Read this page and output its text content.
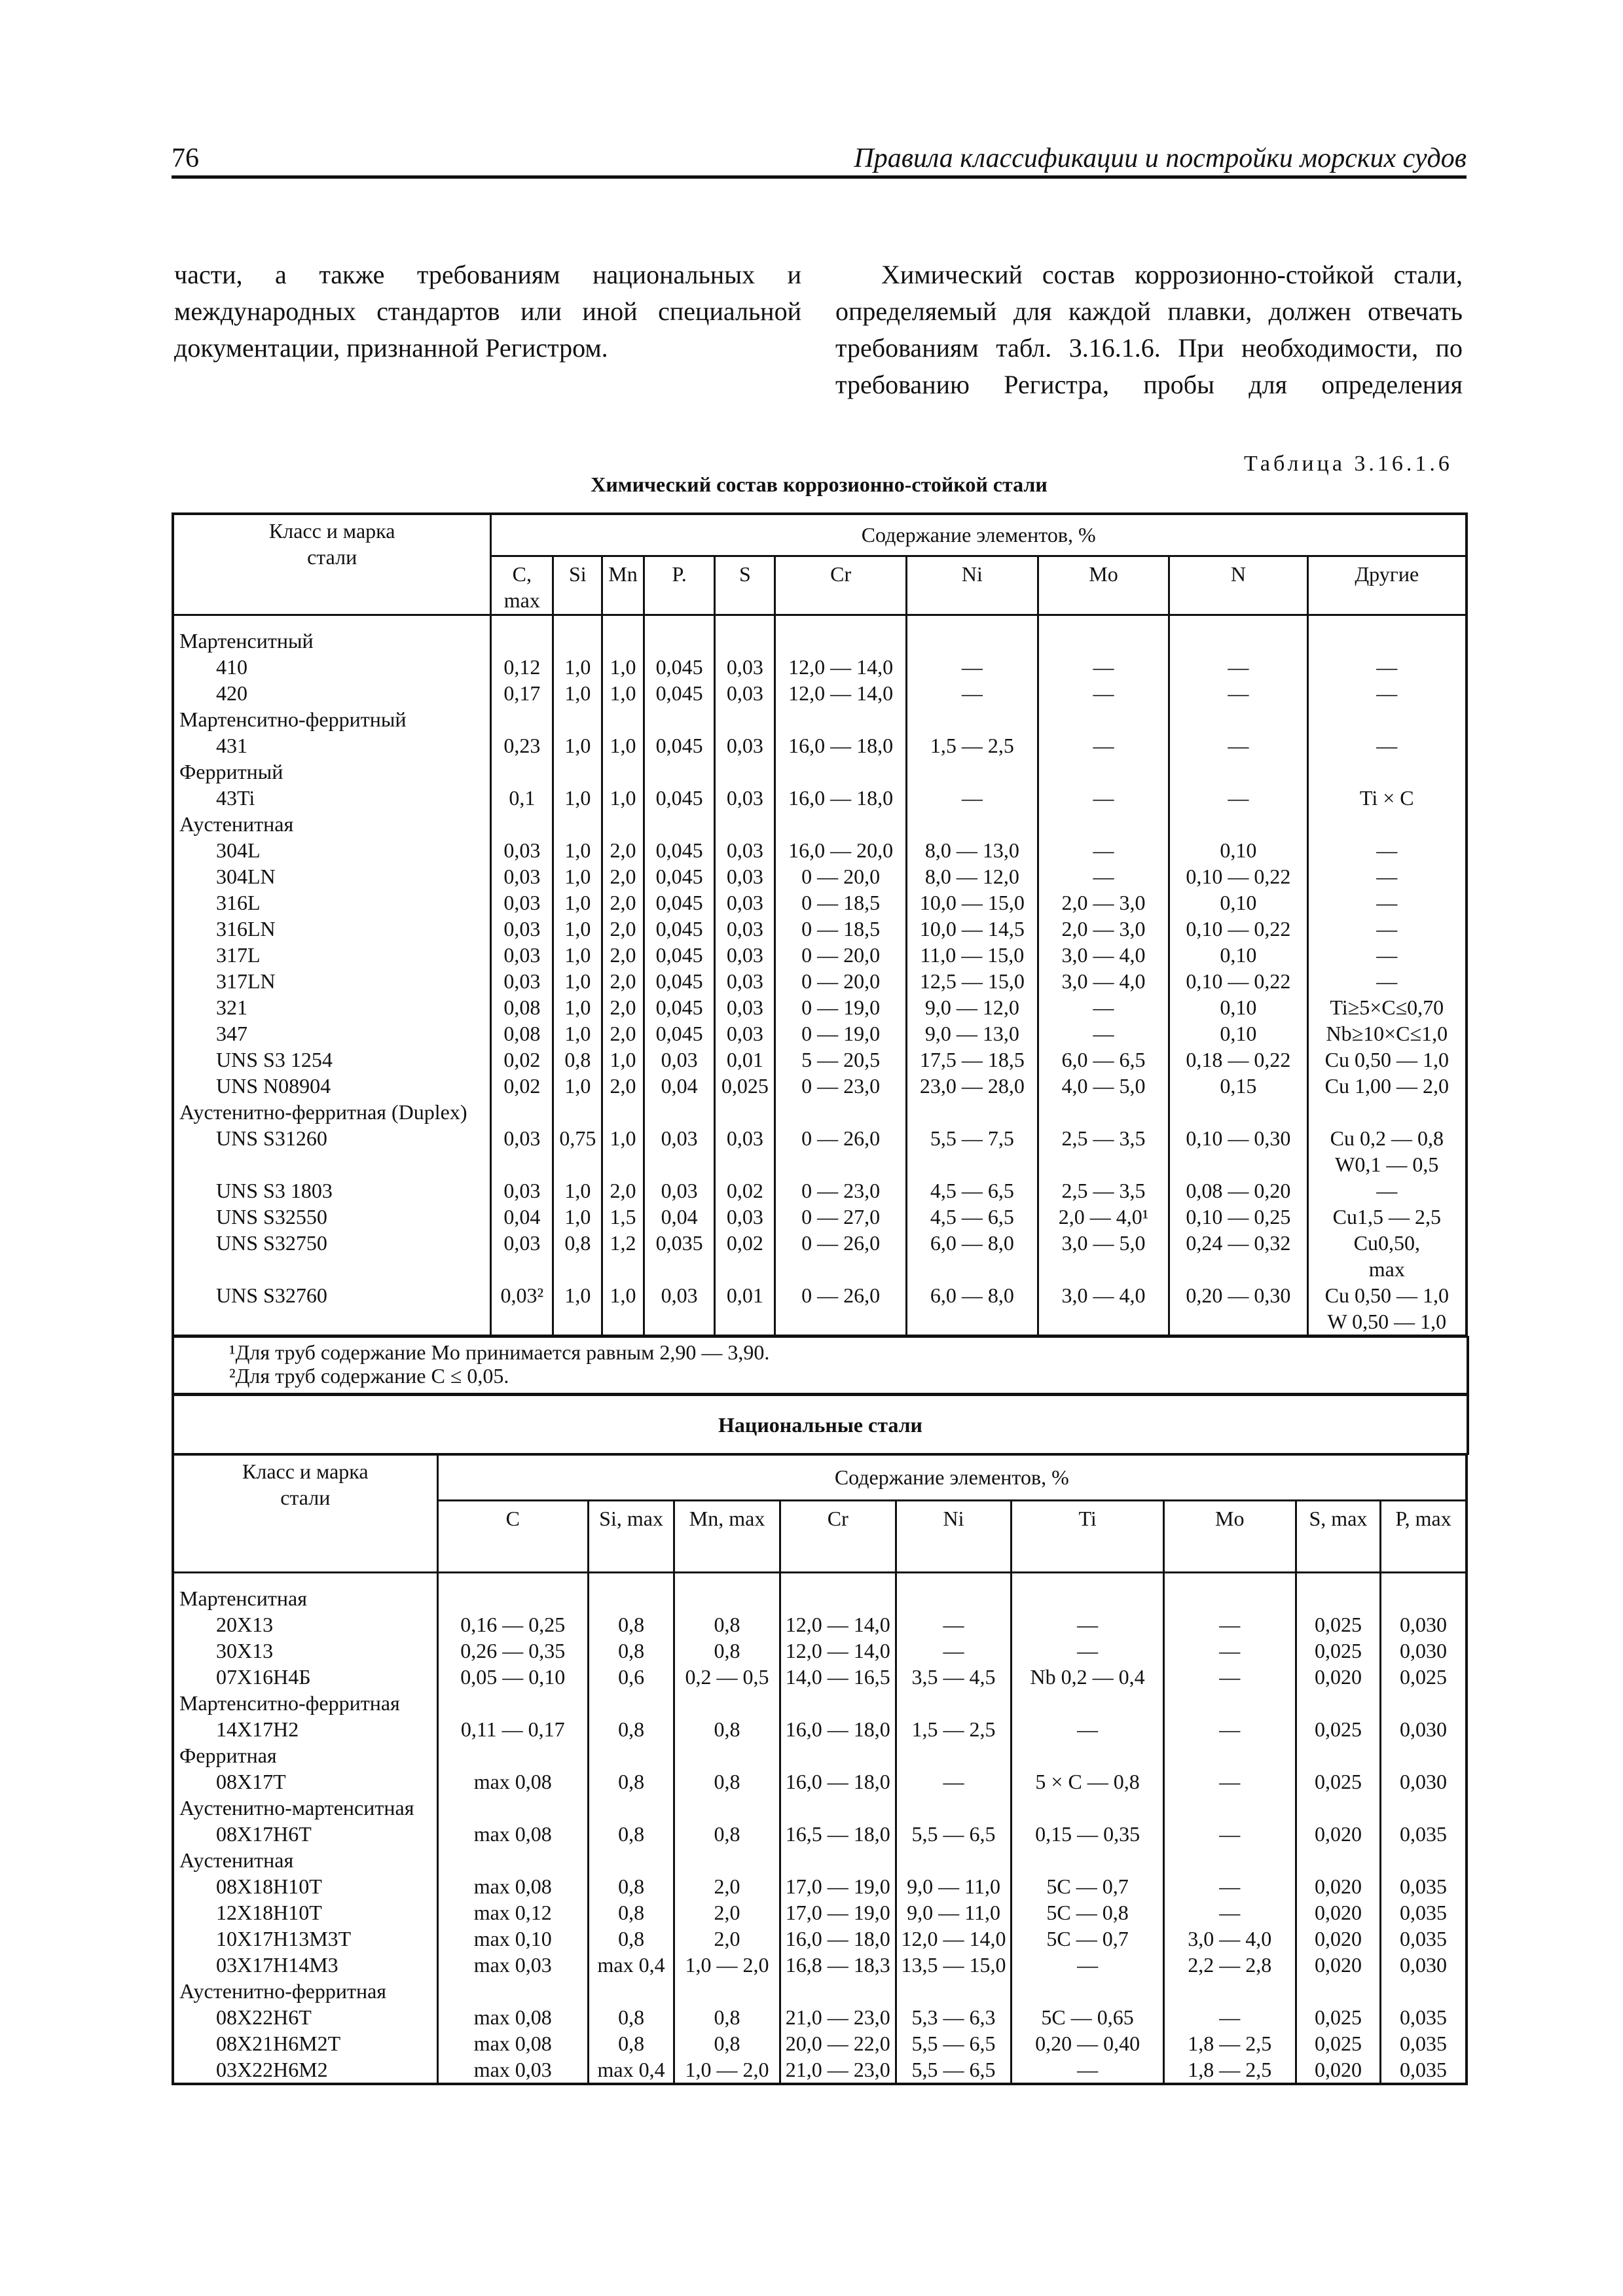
76	Правила классификации и постройки морских судов

части, а также требованиям национальных и международных стандартов или иной специальной документации, признанной Регистром.

Химический состав коррозионно-стойкой стали, определяемый для каждой плавки, должен отвечать требованиям табл. 3.16.1.6. При необходимости, по требованию Регистра, пробы для определения

Таблица 3.16.1.6
Химический состав коррозионно-стойкой стали
Класс и марка стали	Содержание элементов, %									
	C, max	Si	Mn	P.	S	Cr	Ni	Mo	N	Другие

Мартенситный										
410	0,12	1,0	1,0	0,045	0,03	12,0 — 14,0	—	—	—	—
420	0,17	1,0	1,0	0,045	0,03	12,0 — 14,0	—	—	—	—
Мартенситно-ферритный										
431	0,23	1,0	1,0	0,045	0,03	16,0 — 18,0	1,5 — 2,5	—	—	—
Ферритный										
43Ti	0,1	1,0	1,0	0,045	0,03	16,0 — 18,0	—	—	—	Ti × C
Аустенитная										
304L	0,03	1,0	2,0	0,045	0,03	16,0 — 20,0	8,0 — 13,0	—	0,10	—
304LN	0,03	1,0	2,0	0,045	0,03	0 — 20,0	8,0 — 12,0	—	0,10 — 0,22	—
316L	0,03	1,0	2,0	0,045	0,03	0 — 18,5	10,0 — 15,0	2,0 — 3,0	0,10	—
316LN	0,03	1,0	2,0	0,045	0,03	0 — 18,5	10,0 — 14,5	2,0 — 3,0	0,10 — 0,22	—
317L	0,03	1,0	2,0	0,045	0,03	0 — 20,0	11,0 — 15,0	3,0 — 4,0	0,10	—
317LN	0,03	1,0	2,0	0,045	0,03	0 — 20,0	12,5 — 15,0	3,0 — 4,0	0,10 — 0,22	—
321	0,08	1,0	2,0	0,045	0,03	0 — 19,0	9,0 — 12,0	—	0,10	Ti≥5×C≤0,70
347	0,08	1,0	2,0	0,045	0,03	0 — 19,0	9,0 — 13,0	—	0,10	Nb≥10×C≤1,0
UNS S3 1254	0,02	0,8	1,0	0,03	0,01	5 — 20,5	17,5 — 18,5	6,0 — 6,5	0,18 — 0,22	Cu 0,50 — 1,0
UNS N08904	0,02	1,0	2,0	0,04	0,025	0 — 23,0	23,0 — 28,0	4,0 — 5,0	0,15	Cu 1,00 — 2,0
Аустенитно-ферритная (Duplex)										
UNS S31260	0,03	0,75	1,0	0,03	0,03	0 — 26,0	5,5 — 7,5	2,5 — 3,5	0,10 — 0,30	Cu 0,2 — 0,8
W0,1 — 0,5
UNS S3 1803	0,03	1,0	2,0	0,03	0,02	0 — 23,0	4,5 — 6,5	2,5 — 3,5	0,08 — 0,20	—
UNS S32550	0,04	1,0	1,5	0,04	0,03	0 — 27,0	4,5 — 6,5	2,0 — 4,0¹	0,10 — 0,25	Cu1,5 — 2,5
UNS S32750	0,03	0,8	1,2	0,035	0,02	0 — 26,0	6,0 — 8,0	3,0 — 5,0	0,24 — 0,32	Cu0,50,
max
UNS S32760	0,03²	1,0	1,0	0,03	0,01	0 — 26,0	6,0 — 8,0	3,0 — 4,0	0,20 — 0,30	Cu 0,50 — 1,0
W 0,50 — 1,0
¹Для труб содержание Mo принимается равным 2,90 — 3,90.
²Для труб содержание C ≤ 0,05.
Национальные стали
Класс и марка стали	Содержание элементов, %								
	C	Si, max	Mn, max	Cr	Ni	Ti	Mo	S, max	P, max

Мартенситная									
20Х13	0,16 — 0,25	0,8	0,8	12,0 — 14,0	—	—	—	0,025	0,030
30Х13	0,26 — 0,35	0,8	0,8	12,0 — 14,0	—	—	—	0,025	0,030
07Х16Н4Б	0,05 — 0,10	0,6	0,2 — 0,5	14,0 — 16,5	3,5 — 4,5	Nb 0,2 — 0,4	—	0,020	0,025
Мартенситно-ферритная									
14Х17Н2	0,11 — 0,17	0,8	0,8	16,0 — 18,0	1,5 — 2,5	—	—	0,025	0,030
Ферритная									
08Х17Т	max 0,08	0,8	0,8	16,0 — 18,0	—	5 × C — 0,8	—	0,025	0,030
Аустенитно-мартенситная									
08Х17Н6Т	max 0,08	0,8	0,8	16,5 — 18,0	5,5 — 6,5	0,15 — 0,35	—	0,020	0,035
Аустенитная									
08Х18Н10Т	max 0,08	0,8	2,0	17,0 — 19,0	9,0 — 11,0	5C — 0,7	—	0,020	0,035
12Х18Н10Т	max 0,12	0,8	2,0	17,0 — 19,0	9,0 — 11,0	5C — 0,8	—	0,020	0,035
10Х17Н13М3Т	max 0,10	0,8	2,0	16,0 — 18,0	12,0 — 14,0	5C — 0,7	3,0 — 4,0	0,020	0,035
03Х17Н14М3	max 0,03	max 0,4	1,0 — 2,0	16,8 — 18,3	13,5 — 15,0	—	2,2 — 2,8	0,020	0,030
Аустенитно-ферритная									
08Х22Н6Т	max 0,08	0,8	0,8	21,0 — 23,0	5,3 — 6,3	5C — 0,65	—	0,025	0,035
08Х21Н6М2Т	max 0,08	0,8	0,8	20,0 — 22,0	5,5 — 6,5	0,20 — 0,40	1,8 — 2,5	0,025	0,035
03Х22Н6М2	max 0,03	max 0,4	1,0 — 2,0	21,0 — 23,0	5,5 — 6,5	—	1,8 — 2,5	0,020	0,035
